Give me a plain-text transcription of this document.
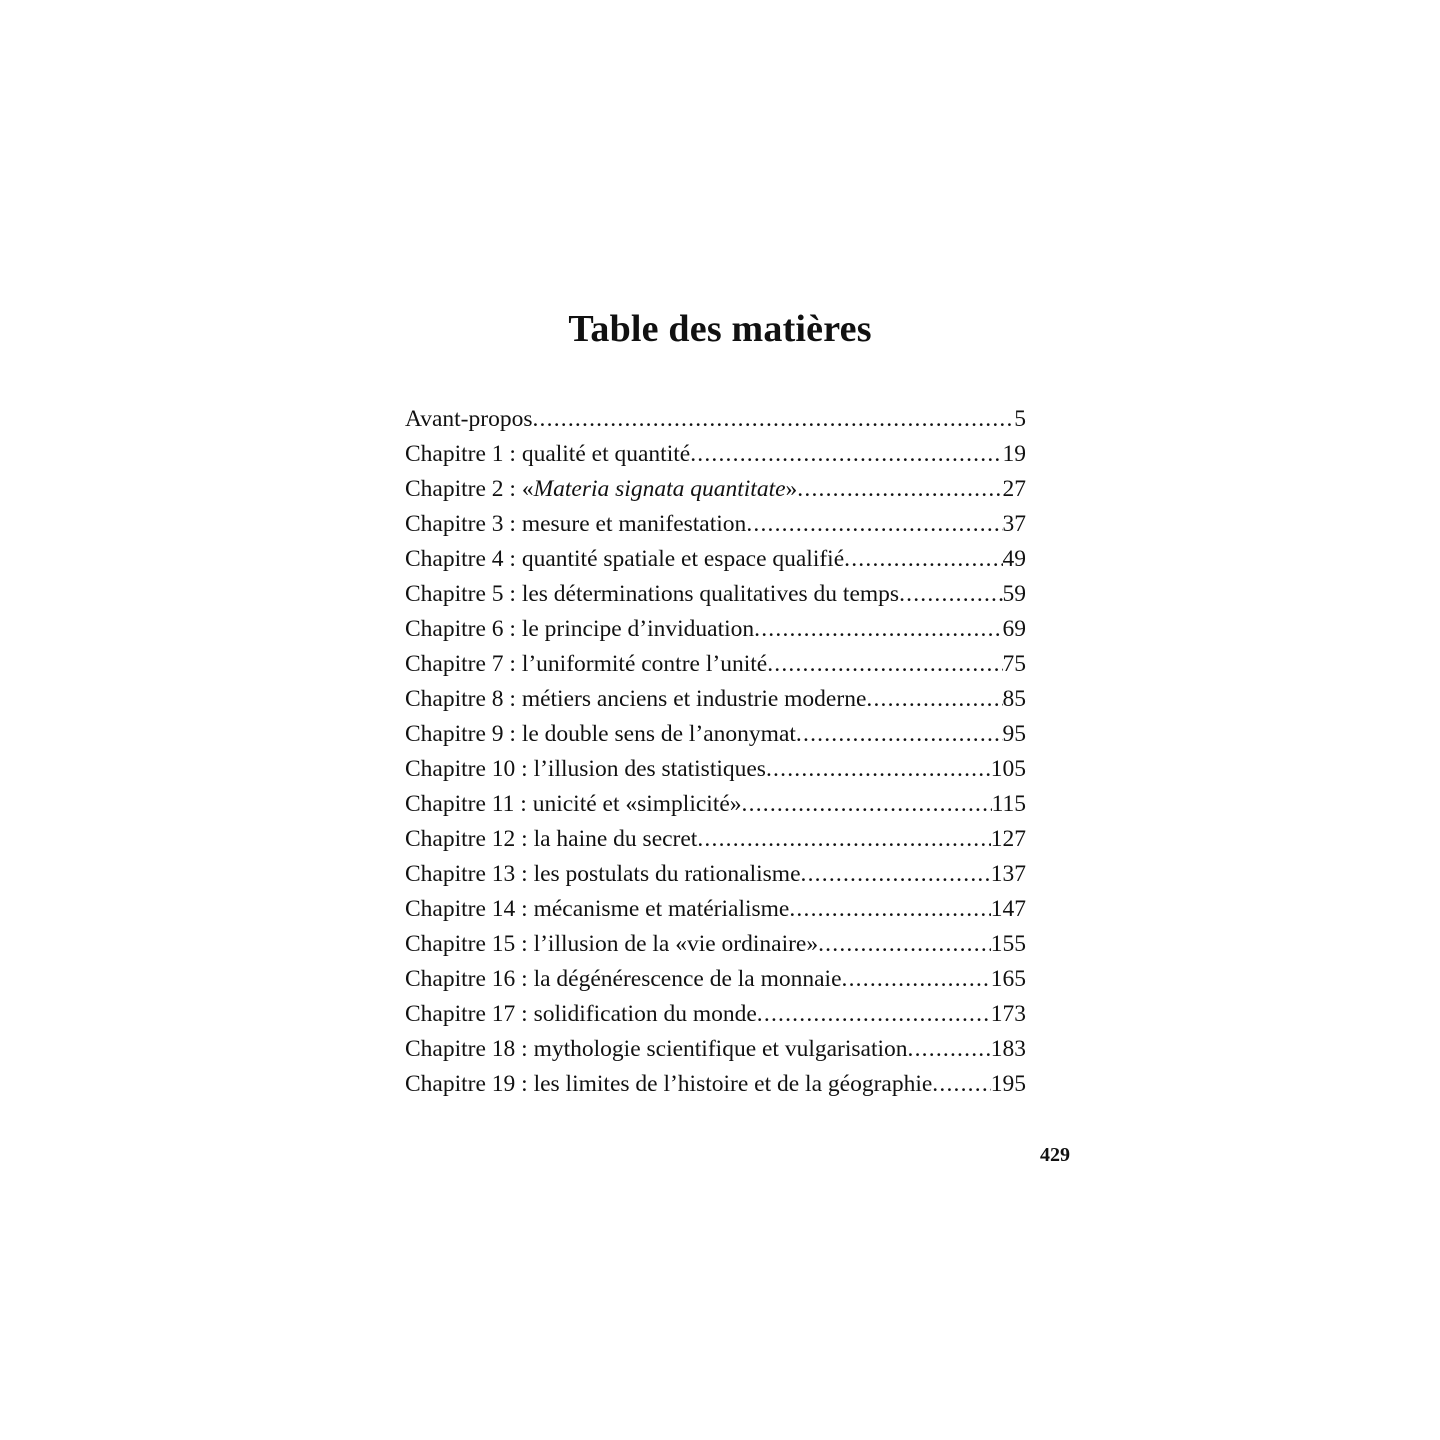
Table des matières
Avant-propos .....	5
Chapitre 1 : qualité et quantité .....	19
Chapitre 2 : «Materia signata quantitate» .....	27
Chapitre 3 : mesure et manifestation .....	37
Chapitre 4 : quantité spatiale et espace qualifié .....	49
Chapitre 5 : les déterminations qualitatives du temps .....	59
Chapitre 6 : le principe d’inviduation .....	69
Chapitre 7 : l’uniformité contre l’unité .....	75
Chapitre 8 : métiers anciens et industrie moderne .....	85
Chapitre 9 : le double sens de l’anonymat .....	95
Chapitre 10 : l’illusion des statistiques .....	105
Chapitre 11 : unicité et «simplicité» .....	115
Chapitre 12 : la haine du secret .....	127
Chapitre 13 : les postulats du rationalisme .....	137
Chapitre 14 : mécanisme et matérialisme .....	147
Chapitre 15 : l’illusion de la «vie ordinaire» .....	155
Chapitre 16 : la dégénérescence de la monnaie .....	165
Chapitre 17 : solidification du monde .....	173
Chapitre 18 : mythologie scientifique et vulgarisation .....	183
Chapitre 19 : les limites de l’histoire et de la géographie ..... 195

429
